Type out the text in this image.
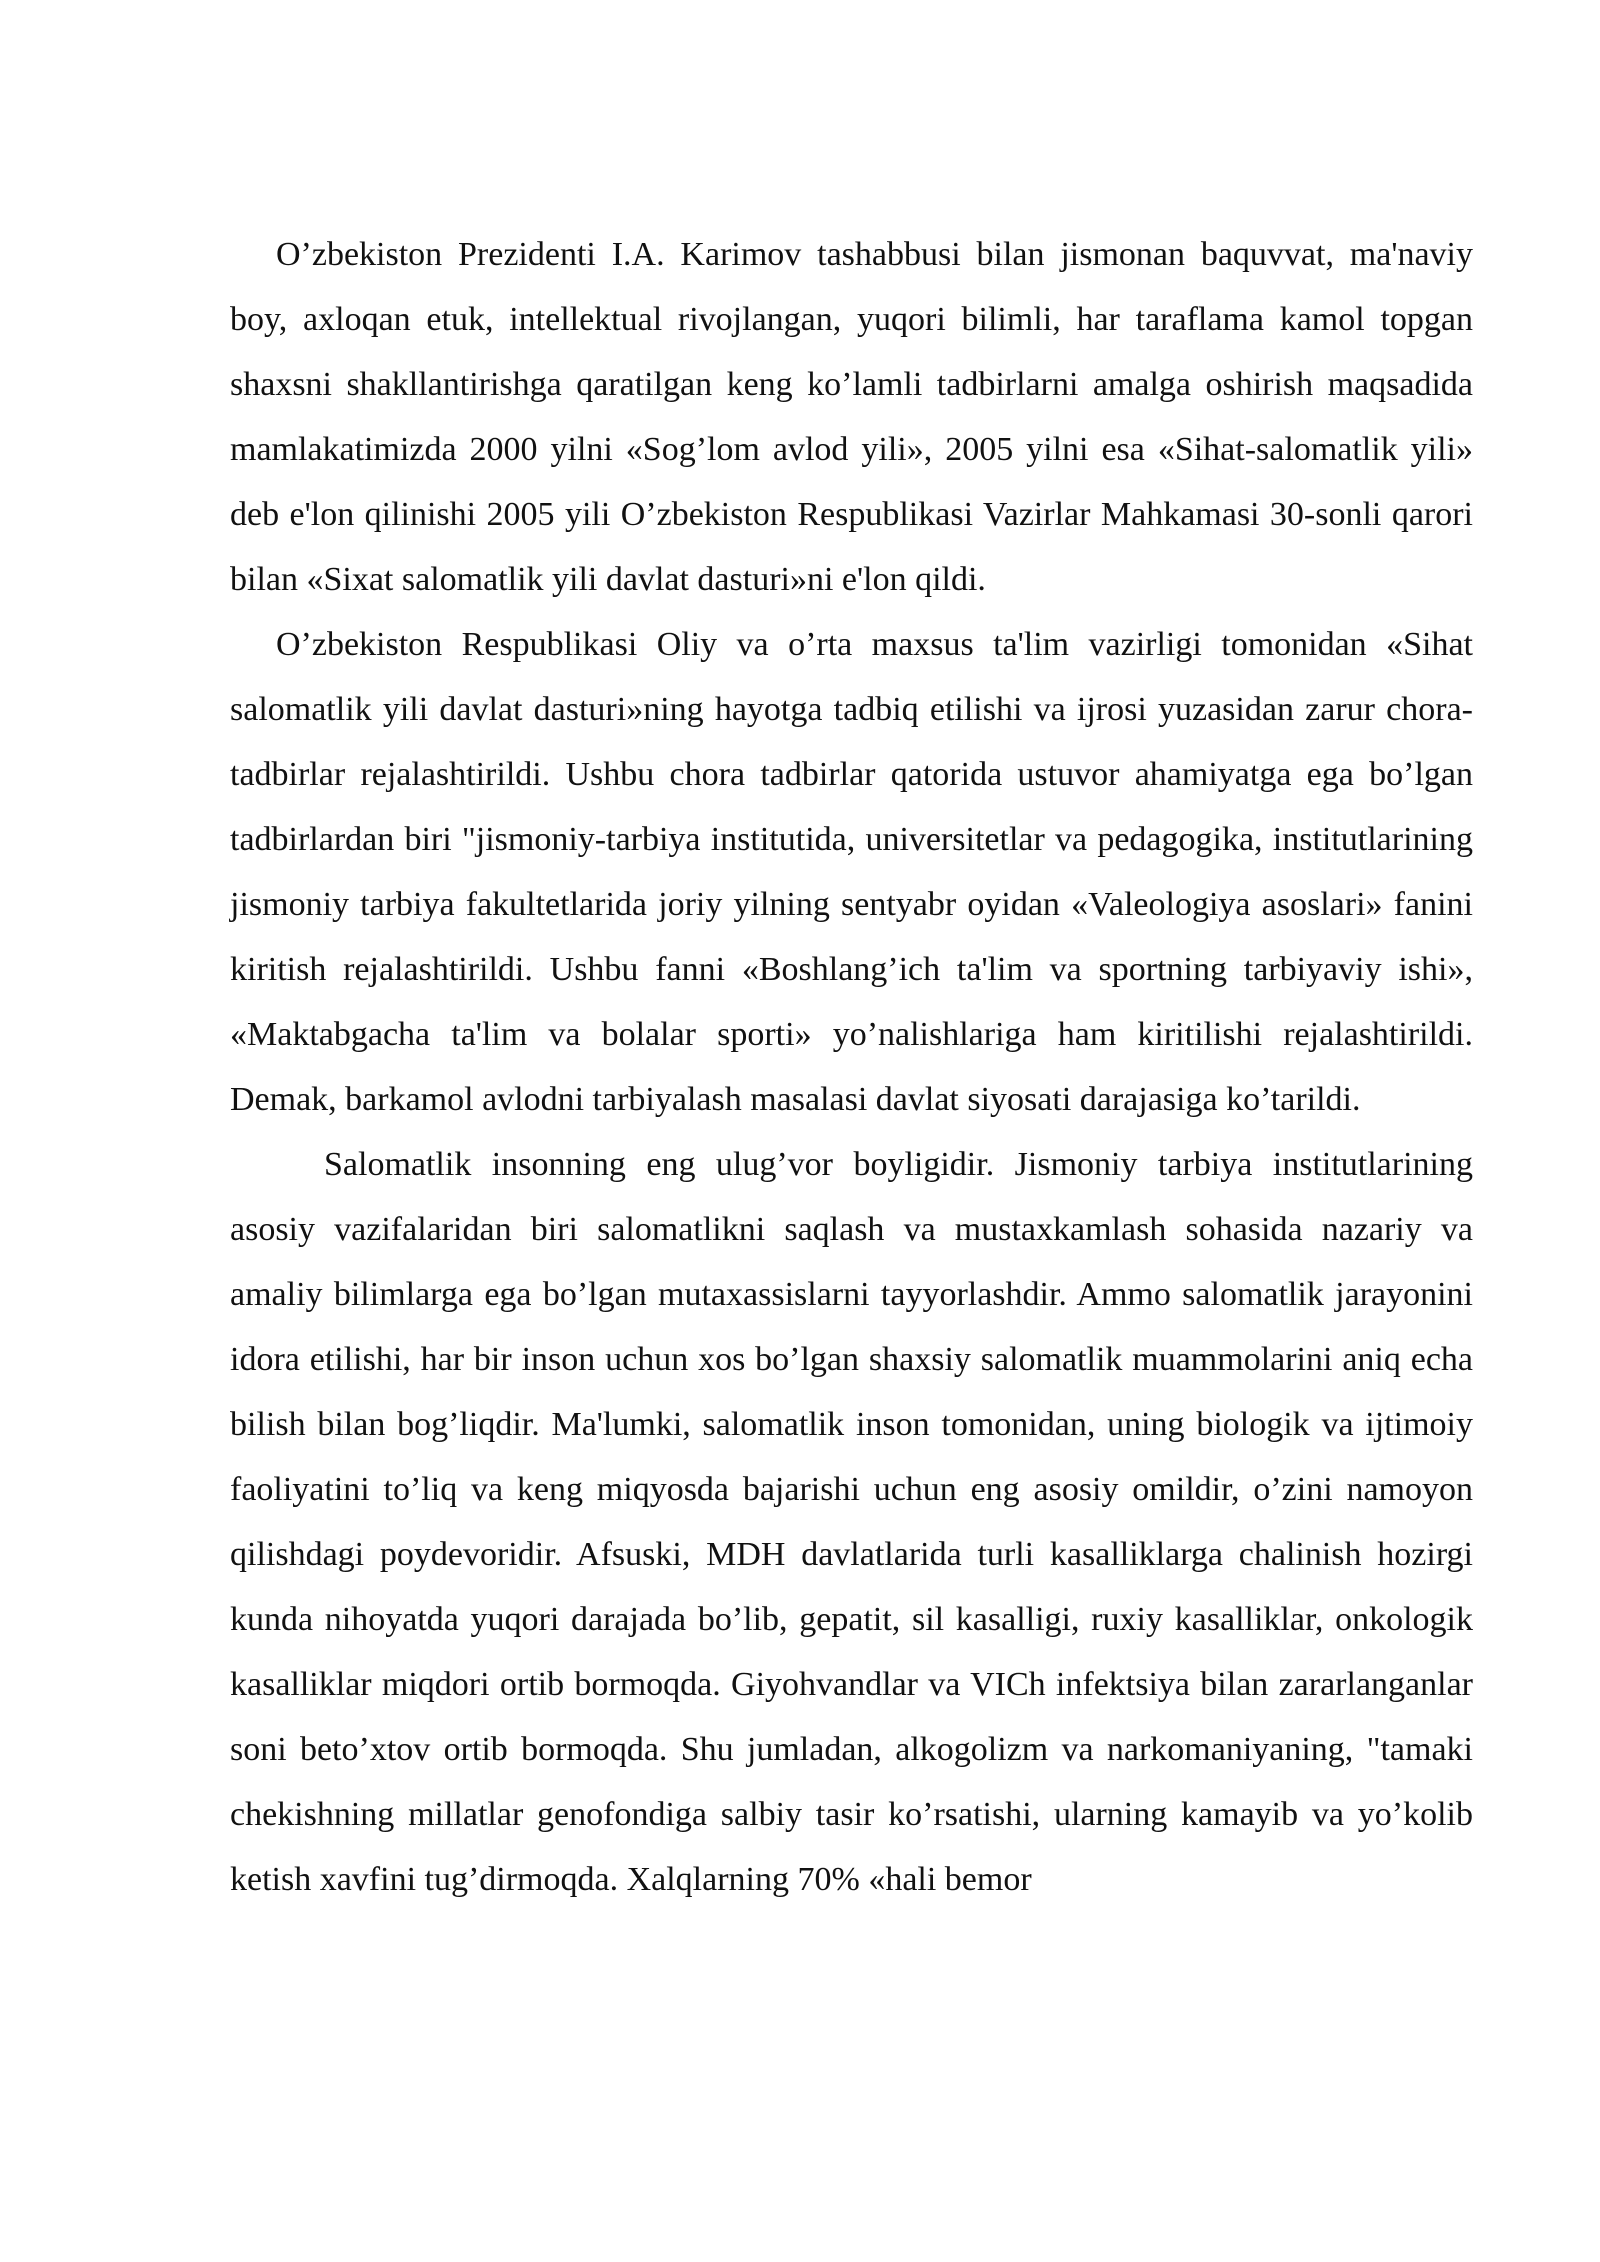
O’zbekiston Prezidenti I.A. Karimov tashabbusi bilan jismonan baquvvat, ma'naviy boy, axloqan etuk, intellektual rivojlangan, yuqori bilimli, har taraflama kamol topgan shaxsni shakllantirishga qaratilgan keng ko’lamli tadbirlarni amalga oshirish maqsadida mamlakatimizda 2000 yilni «Sog’lom avlod yili», 2005 yilni esa «Sihat-salomatlik yili» deb e'lon qilinishi 2005 yili O’zbekiston Respublikasi Vazirlar Mahkamasi 30-sonli qarori bilan «Sixat salomatlik yili davlat dasturi»ni e'lon qildi.

O’zbekiston Respublikasi Oliy va o’rta maxsus ta'lim vazirligi tomonidan «Sihat salomatlik yili davlat dasturi»ning hayotga tadbiq etilishi va ijrosi yuzasidan zarur chora-tadbirlar rejalashtirildi. Ushbu chora tadbirlar qatorida ustuvor ahamiyatga ega bo’lgan tadbirlardan biri "jismoniy-tarbiya institutida, universitetlar va pedagogika, institutlarining jismoniy tarbiya fakultetlarida joriy yilning sentyabr oyidan «Valeologiya asoslari» fanini kiritish rejalashtirildi. Ushbu fanni «Boshlang’ich ta'lim va sportning tarbiyaviy ishi», «Maktabgacha ta'lim va bolalar sporti» yo’nalishlariga ham kiritilishi rejalashtirildi. Demak, barkamol avlodni tarbiyalash masalasi davlat siyosati darajasiga ko’tarildi.

Salomatlik insonning eng ulug’vor boyligidir. Jismoniy tarbiya institutlarining asosiy vazifalaridan biri salomatlikni saqlash va mustaxkamlash sohasida nazariy va amaliy bilimlarga ega bo’lgan mutaxassislarni tayyorlashdir. Ammo salomatlik jarayonini idora etilishi, har bir inson uchun xos bo’lgan shaxsiy salomatlik muammolarini aniq echa bilish bilan bog’liqdir. Ma'lumki, salomatlik inson tomonidan, uning biologik va ijtimoiy faoliyatini to’liq va keng miqyosda bajarishi uchun eng asosiy omildir, o’zini namoyon qilishdagi poydevoridir. Afsuski, MDH davlatlarida turli kasalliklarga chalinish hozirgi kunda nihoyatda yuqori darajada bo’lib, gepatit, sil kasalligi, ruxiy kasalliklar, onkologik kasalliklar miqdori ortib bormoqda. Giyohvandlar va VICh infektsiya bilan zararlanganlar soni beto’xtov ortib bormoqda. Shu jumladan, alkogolizm va narkomaniyaning, "tamaki chekishning millatlar genofondiga salbiy tasir ko’rsatishi, ularning kamayib va yo’kolib ketish xavfini tug’dirmoqda. Xalqlarning 70% «hali bemor
